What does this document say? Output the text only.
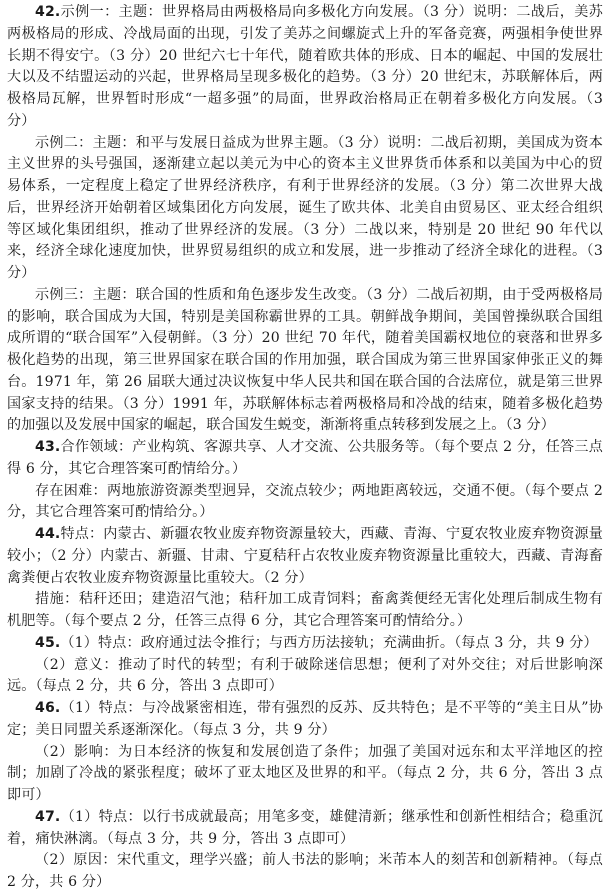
42.示例一：主题：世界格局由两极格局向多极化方向发展。（3 分）说明：二战后，美苏两极格局的形成、冷战局面的出现，引发了美苏之间螺旋式上升的军备竞赛，两强相争使世界长期不得安宁。（3 分）20 世纪六七十年代，随着欧共体的形成、日本的崛起、中国的发展壮大以及不结盟运动的兴起，世界格局呈现多极化的趋势。（3 分）20 世纪末，苏联解体后，两极格局瓦解，世界暂时形成“一超多强”的局面，世界政治格局正在朝着多极化方向发展。（3 分）

示例二：主题：和平与发展日益成为世界主题。（3 分）说明：二战后初期，美国成为资本主义世界的头号强国，逐渐建立起以美元为中心的资本主义世界货币体系和以美国为中心的贸易体系，一定程度上稳定了世界经济秩序，有利于世界经济的发展。（3 分）第二次世界大战后，世界经济开始朝着区域集团化方向发展，诞生了欧共体、北美自由贸易区、亚太经合组织等区域化集团组织，推动了世界经济的发展。（3 分）二战以来，特别是 20 世纪 90 年代以来，经济全球化速度加快，世界贸易组织的成立和发展，进一步推动了经济全球化的进程。（3 分）

示例三：主题：联合国的性质和角色逐步发生改变。（3 分）二战后初期，由于受两极格局的影响，联合国成为大国，特别是美国称霸世界的工具。朝鲜战争期间，美国曾操纵联合国组成所谓的“联合国军”入侵朝鲜。（3 分）20 世纪 70 年代，随着美国霸权地位的衰落和世界多极化趋势的出现，第三世界国家在联合国的作用加强，联合国成为第三世界国家伸张正义的舞台。1971 年，第 26 届联大通过决议恢复中华人民共和国在联合国的合法席位，就是第三世界国家支持的结果。（3 分）1991 年，苏联解体标志着两极格局和冷战的结束，随着多极化趋势的加强以及发展中国家的崛起，联合国发生蜕变，渐渐将重点转移到发展之上。（3 分）

43.合作领域：产业构筑、客源共享、人才交流、公共服务等。（每个要点 2 分，任答三点得 6 分，其它合理答案可酌情给分。）

存在困难：两地旅游资源类型迥异，交流点较少；两地距离较远，交通不便。（每个要点 2 分，其它合理答案可酌情给分。）

44.特点：内蒙古、新疆农牧业废弃物资源量较大，西藏、青海、宁夏农牧业废弃物资源量较小；（2 分）内蒙古、新疆、甘肃、宁夏秸秆占农牧业废弃物资源量比重较大，西藏、青海畜禽粪便占农牧业废弃物资源量比重较大。（2 分）

措施：秸秆还田；建造沼气池；秸秆加工成青饲料；畜禽粪便经无害化处理后制成生物有机肥等。（每个要点 2 分，任答三点得 6 分，其它合理答案可酌情给分。）

45.（1）特点：政府通过法令推行；与西方历法接轨；充满曲折。（每点 3 分，共 9 分）

（2）意义：推动了时代的转型；有利于破除迷信思想；便利了对外交往；对后世影响深远。（每点 2 分，共 6 分，答出 3 点即可）

46.（1）特点：与冷战紧密相连，带有强烈的反苏、反共特色；是不平等的“美主日从”协定；美日同盟关系逐渐深化。（每点 3 分，共 9 分）

（2）影响：为日本经济的恢复和发展创造了条件；加强了美国对远东和太平洋地区的控制；加剧了冷战的紧张程度；破坏了亚太地区及世界的和平。（每点 2 分，共 6 分，答出 3 点即可）

47.（1）特点：以行书成就最高；用笔多变，雄健清新；继承性和创新性相结合；稳重沉着，痛快淋漓。（每点 3 分，共 9 分，答出 3 点即可）

（2）原因：宋代重文，理学兴盛；前人书法的影响；米芾本人的刻苦和创新精神。（每点 2 分，共 6 分）
